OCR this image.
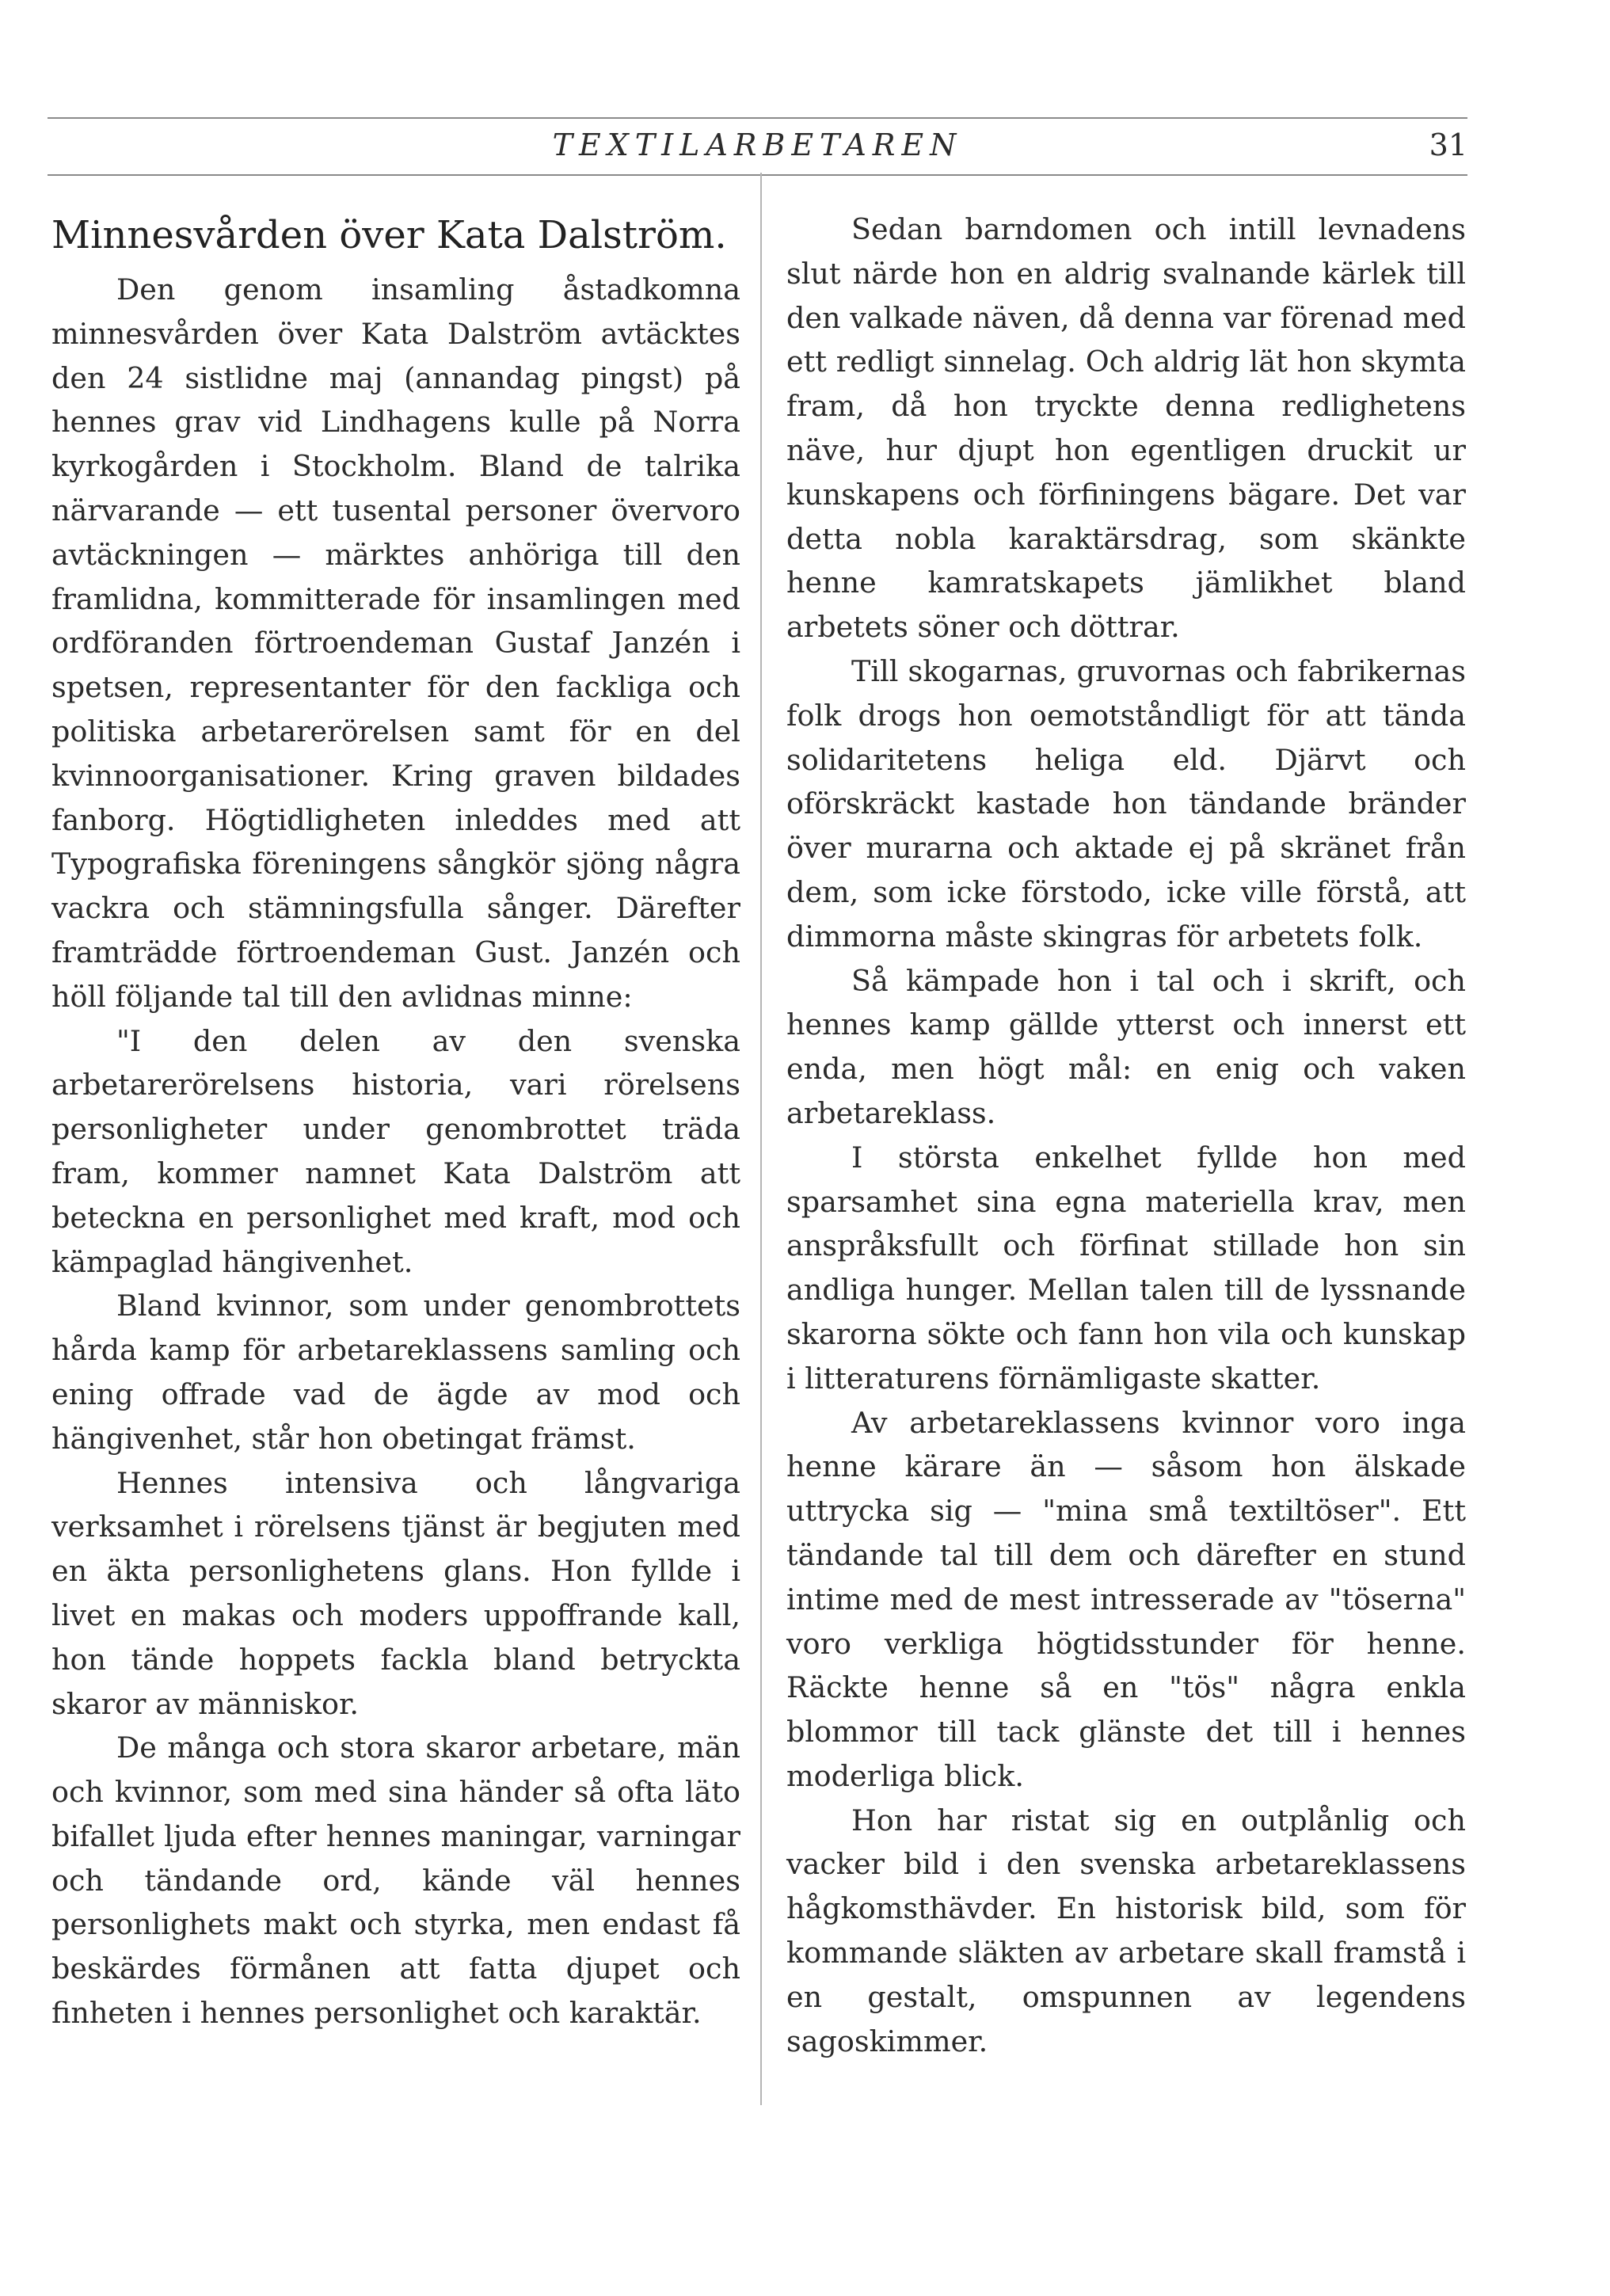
TEXTILARBETAREN	31
Minnesvården över Kata Dalström.

Den genom insamling åstadkomna minnesvården över Kata Dalström avtäcktes den 24 sistlidne maj (annandag pingst) på hennes grav vid Lindhagens kulle på Norra kyrkogården i Stockholm. Bland de talrika närvarande — ett tusental personer övervoro avtäckningen — märktes anhöriga till den framlidna, kommitterade för insamlingen med ordföranden förtroendeman Gustaf Janzén i spetsen, representanter för den fackliga och politiska arbetarerörelsen samt för en del kvinnoorganisationer. Kring graven bildades fanborg. Högtidligheten inleddes med att Typografiska föreningens sångkör sjöng några vackra och stämningsfulla sånger. Därefter framträdde förtroendeman Gust. Janzén och höll följande tal till den avlidnas minne:

"I den delen av den svenska arbetarerörelsens historia, vari rörelsens personligheter under genombrottet träda fram, kommer namnet Kata Dalström att beteckna en personlighet med kraft, mod och kämpaglad hängivenhet.

Bland kvinnor, som under genombrottets hårda kamp för arbetareklassens samling och ening offrade vad de ägde av mod och hängivenhet, står hon obetingat främst.

Hennes intensiva och långvariga verksamhet i rörelsens tjänst är begjuten med en äkta personlighetens glans. Hon fyllde i livet en makas och moders uppoffrande kall, hon tände hoppets fackla bland betryckta skaror av människor.

De många och stora skaror arbetare, män och kvinnor, som med sina händer så ofta läto bifallet ljuda efter hennes maningar, varningar och tändande ord, kände väl hennes personlighets makt och styrka, men endast få beskärdes förmånen att fatta djupet och finheten i hennes personlighet och karaktär.

Sedan barndomen och intill levnadens slut närde hon en aldrig svalnande kärlek till den valkade näven, då denna var förenad med ett redligt sinnelag. Och aldrig lät hon skymta fram, då hon tryckte denna redlighetens näve, hur djupt hon egentligen druckit ur kunskapens och förfiningens bägare. Det var detta nobla karaktärsdrag, som skänkte henne kamratskapets jämlikhet bland arbetets söner och döttrar.

Till skogarnas, gruvornas och fabrikernas folk drogs hon oemotståndligt för att tända solidaritetens heliga eld. Djärvt och oförskräckt kastade hon tändande bränder över murarna och aktade ej på skränet från dem, som icke förstodo, icke ville förstå, att dimmorna måste skingras för arbetets folk.

Så kämpade hon i tal och i skrift, och hennes kamp gällde ytterst och innerst ett enda, men högt mål: en enig och vaken arbetareklass.

I största enkelhet fyllde hon med sparsamhet sina egna materiella krav, men anspråksfullt och förfinat stillade hon sin andliga hunger. Mellan talen till de lyssnande skarorna sökte och fann hon vila och kunskap i litteraturens förnämligaste skatter.

Av arbetareklassens kvinnor voro inga henne kärare än — såsom hon älskade uttrycka sig — "mina små textiltöser". Ett tändande tal till dem och därefter en stund intime med de mest intresserade av "töserna" voro verkliga högtidsstunder för henne. Räckte henne så en "tös" några enkla blommor till tack glänste det till i hennes moderliga blick.

Hon har ristat sig en outplånlig och vacker bild i den svenska arbetareklassens hågkomsthävder. En historisk bild, som för kommande släkten av arbetare skall framstå i en gestalt, omspunnen av legendens sagoskimmer.
